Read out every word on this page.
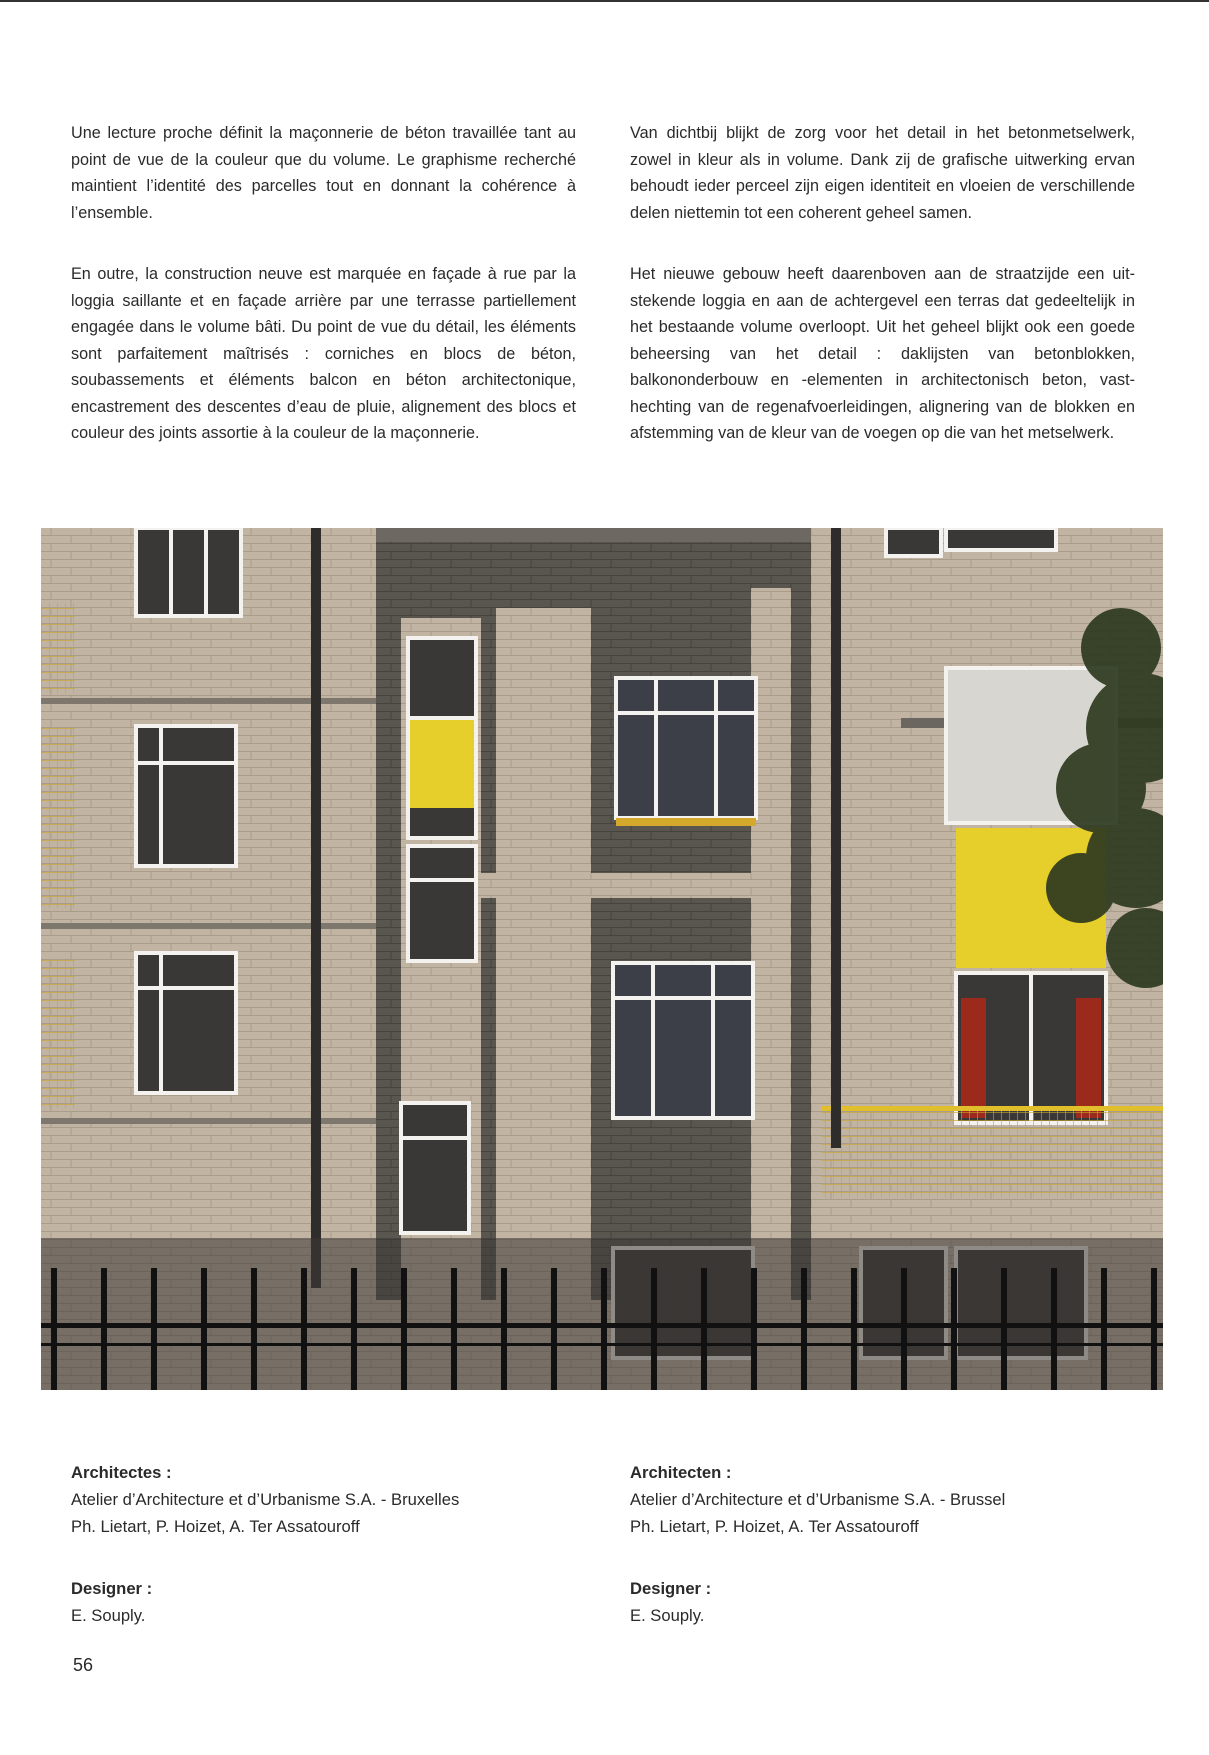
Une lecture proche définit la maçonnerie de béton travaillée tant au point de vue de la couleur que du volume. Le graphisme recherché maintient l’identité des parcelles tout en donnant la cohérence à l’ensemble.

Van dichtbij blijkt de zorg voor het detail in het betonmetselwerk, zowel in kleur als in volume. Dank zij de grafische uitwerking ervan behoudt ieder perceel zijn eigen identiteit en vloeien de verschillende delen niettemin tot een coherent geheel samen.

En outre, la construction neuve est marquée en façade à rue par la loggia saillante et en façade arrière par une terrasse partiellement engagée dans le volume bâti. Du point de vue du détail, les éléments sont parfaitement maîtrisés : corniches en blocs de béton, soubassements et éléments balcon en béton architectonique, encastrement des descentes d’eau de pluie, alignement des blocs et couleur des joints assortie à la couleur de la maçonnerie.

Het nieuwe gebouw heeft daarenboven aan de straatzijde een uitstekende loggia en aan de achtergevel een terras dat gedeeltelijk in het bestaande volume overloopt. Uit het geheel blijkt ook een goede beheersing van het detail : daklijsten van betonblokken, balkononderbouw en -elementen in architectonisch beton, vasthechting van de regenafvoerleidingen, alignering van de blokken en afstemming van de kleur van de voegen op die van het metselwerk.

Architectes :
Atelier d’Architecture et d’Urbanisme S.A. - Bruxelles
Ph. Lietart, P. Hoizet, A. Ter Assatouroff
Architecten :
Atelier d’Architecture et d’Urbanisme S.A. - Brussel
Ph. Lietart, P. Hoizet, A. Ter Assatouroff
Designer :
E. Souply.
Designer :
E. Souply.
56
